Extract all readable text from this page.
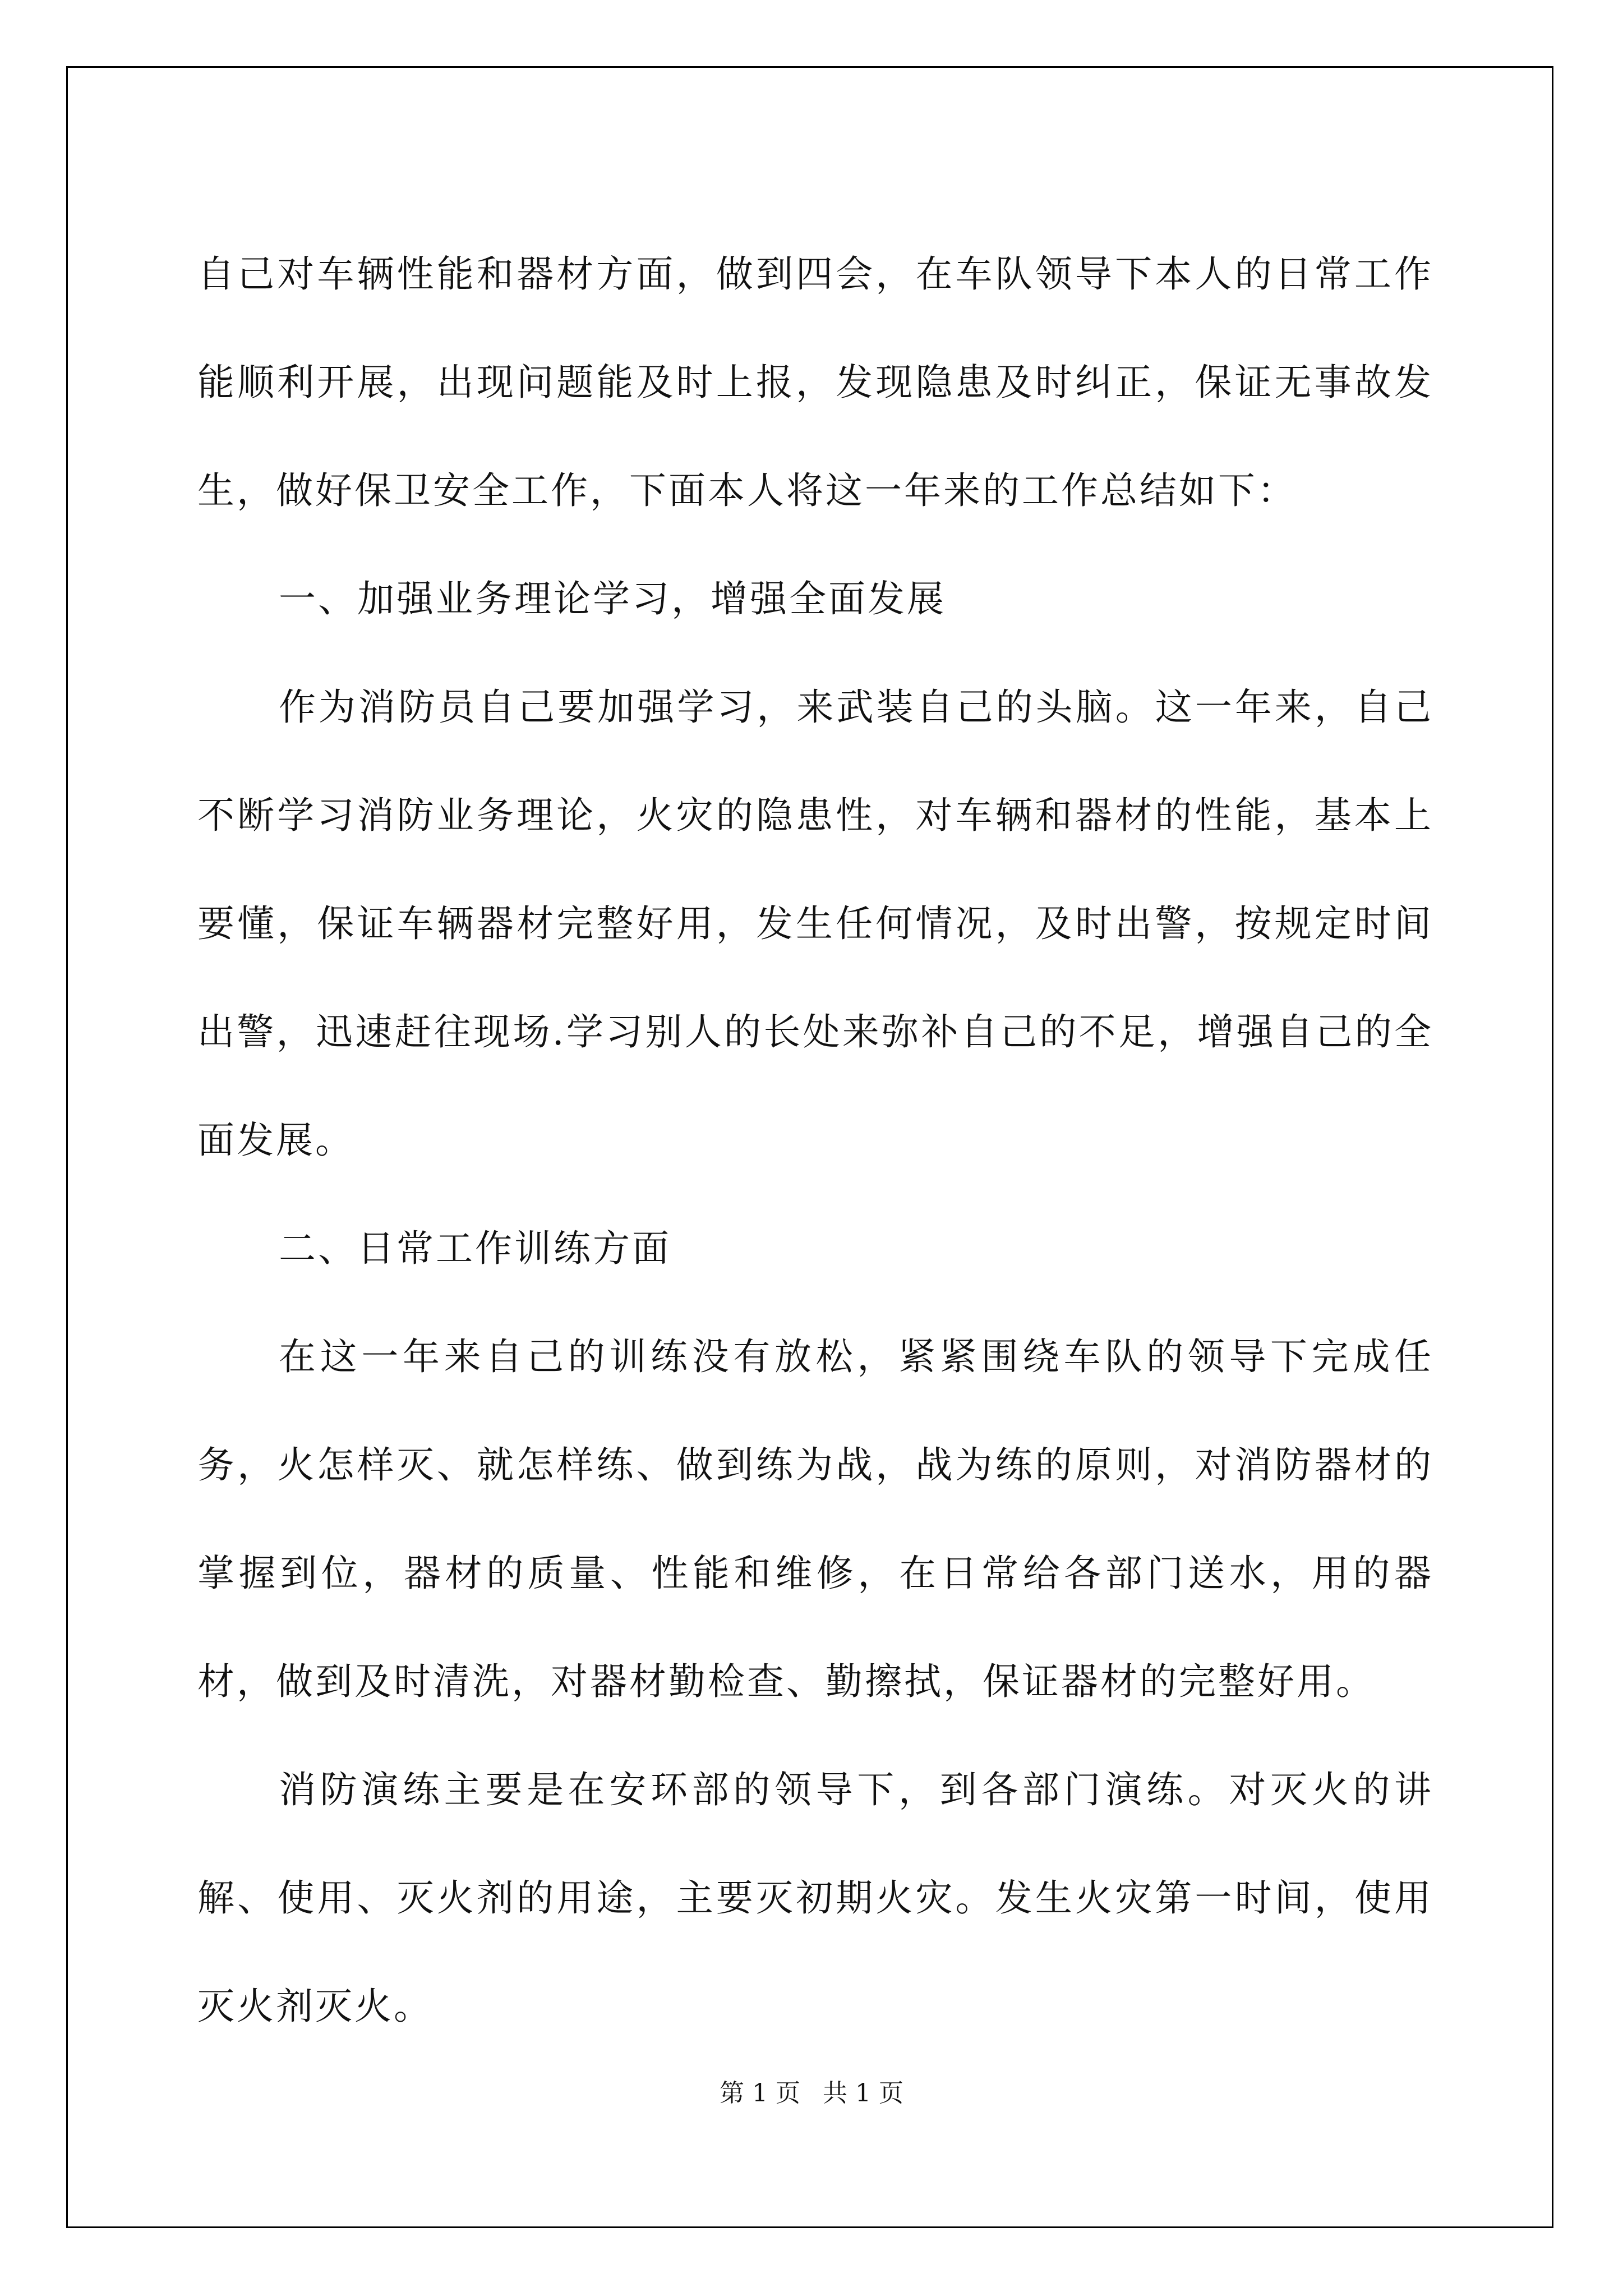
自己对车辆性能和器材方面，做到四会，在车队领导下本人的日常工作能顺利开展，出现问题能及时上报，发现隐患及时纠正，保证无事故发生，做好保卫安全工作，下面本人将这一年来的工作总结如下：

一、加强业务理论学习，增强全面发展

作为消防员自己要加强学习，来武装自己的头脑。这一年来，自己不断学习消防业务理论，火灾的隐患性，对车辆和器材的性能，基本上要懂，保证车辆器材完整好用，发生任何情况，及时出警，按规定时间出警，迅速赶往现场.学习别人的长处来弥补自己的不足，增强自己的全面发展。

二、日常工作训练方面

在这一年来自己的训练没有放松，紧紧围绕车队的领导下完成任务，火怎样灭、就怎样练、做到练为战，战为练的原则，对消防器材的掌握到位，器材的质量、性能和维修，在日常给各部门送水，用的器材，做到及时清洗，对器材勤检查、勤擦拭，保证器材的完整好用。

消防演练主要是在安环部的领导下，到各部门演练。对灭火的讲解、使用、灭火剂的用途，主要灭初期火灾。发生火灾第一时间，使用灭火剂灭火。

第 1 页 共 1 页
